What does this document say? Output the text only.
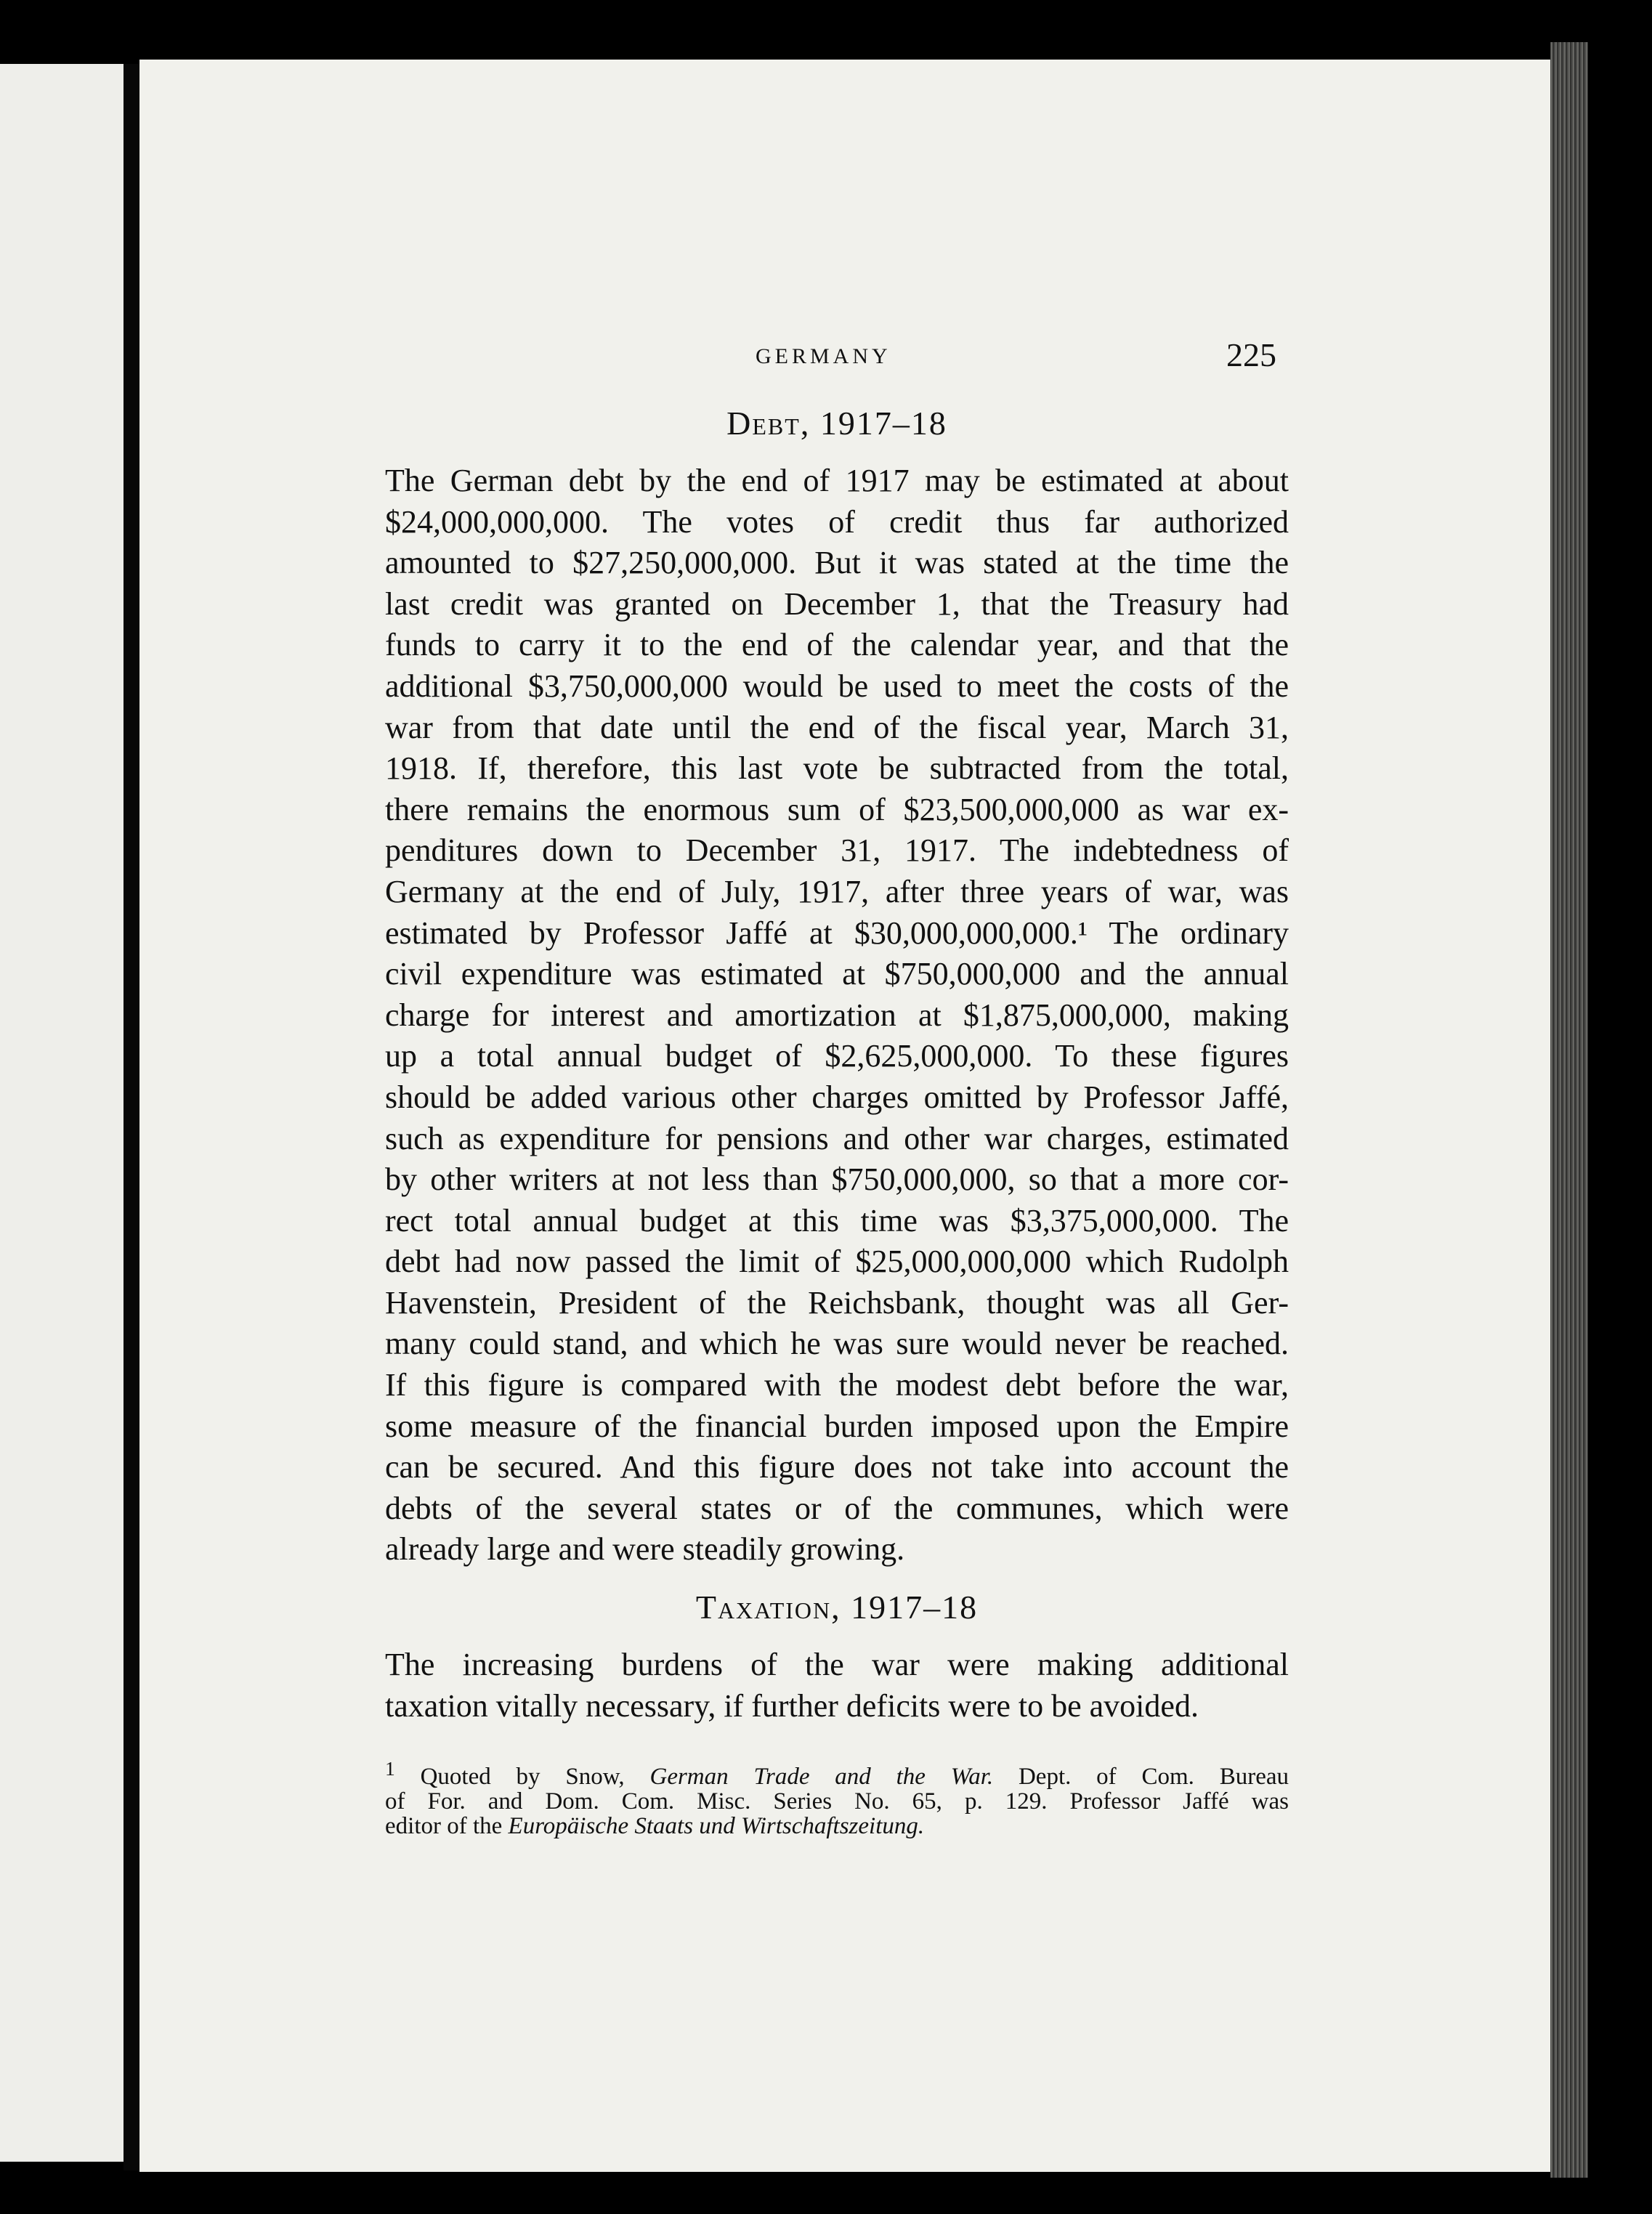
GERMANY	225
Debt, 1917–18
The German debt by the end of 1917 may be estimated at about
$24,000,000,000. The votes of credit thus far authorized
amounted to $27,250,000,000. But it was stated at the time the
last credit was granted on December 1, that the Treasury had
funds to carry it to the end of the calendar year, and that the
additional $3,750,000,000 would be used to meet the costs of the
war from that date until the end of the fiscal year, March 31,
1918. If, therefore, this last vote be subtracted from the total,
there remains the enormous sum of $23,500,000,000 as war ex-
penditures down to December 31, 1917. The indebtedness of
Germany at the end of July, 1917, after three years of war, was
estimated by Professor Jaffé at $30,000,000,000.¹ The ordinary
civil expenditure was estimated at $750,000,000 and the annual
charge for interest and amortization at $1,875,000,000, making
up a total annual budget of $2,625,000,000. To these figures
should be added various other charges omitted by Professor Jaffé,
such as expenditure for pensions and other war charges, estimated
by other writers at not less than $750,000,000, so that a more cor-
rect total annual budget at this time was $3,375,000,000. The
debt had now passed the limit of $25,000,000,000 which Rudolph
Havenstein, President of the Reichsbank, thought was all Ger-
many could stand, and which he was sure would never be reached.
If this figure is compared with the modest debt before the war,
some measure of the financial burden imposed upon the Empire
can be secured. And this figure does not take into account the
debts of the several states or of the communes, which were
already large and were steadily growing.
Taxation, 1917–18
The increasing burdens of the war were making additional
taxation vitally necessary, if further deficits were to be avoided.
$^1$ Quoted by Snow, German Trade and the War. Dept. of Com. Bureau
of For. and Dom. Com. Misc. Series No. 65, p. 129. Professor Jaffé was
editor of the Europäische Staats und Wirtschaftszeitung.
